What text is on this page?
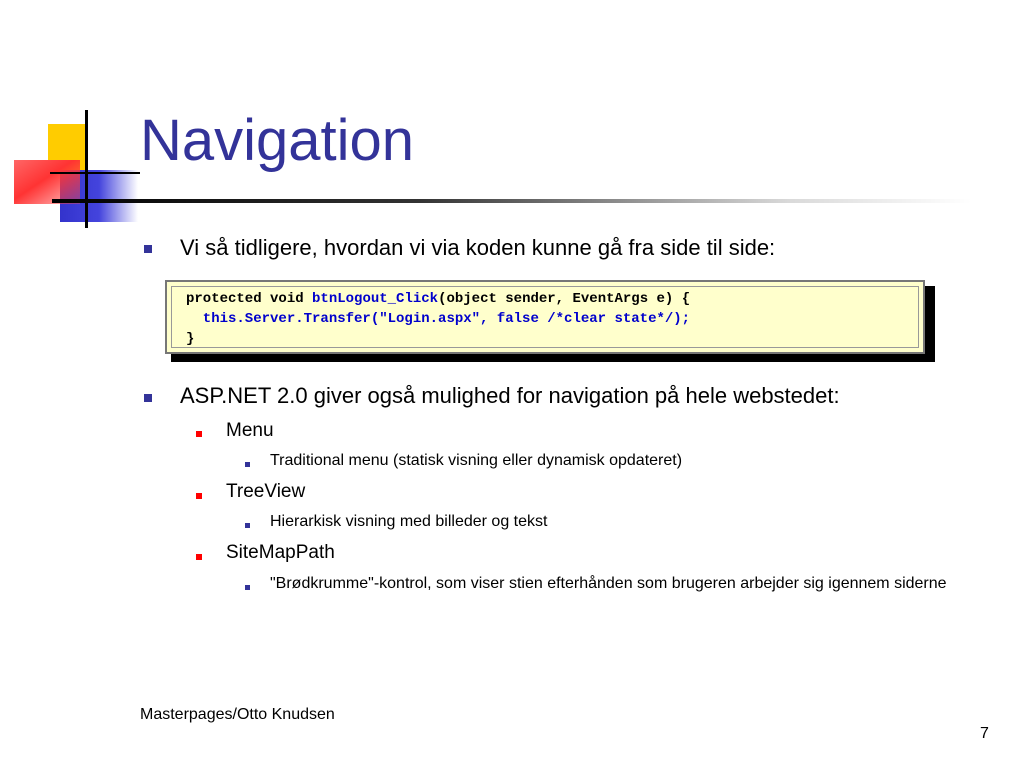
Navigation
Vi så tidligere, hvordan vi via koden kunne gå fra side til side:
protected void btnLogout_Click(object sender, EventArgs e) {
this.Server.Transfer("Login.aspx", false /*clear state*/);
}
ASP.NET 2.0 giver også mulighed for navigation på hele webstedet:
Menu
Traditional menu (statisk visning eller dynamisk opdateret)
TreeView
Hierarkisk visning med billeder og tekst
SiteMapPath
"Brødkrumme"-kontrol, som viser stien efterhånden som brugeren arbejder sig igennem siderne
Masterpages/Otto Knudsen
7
